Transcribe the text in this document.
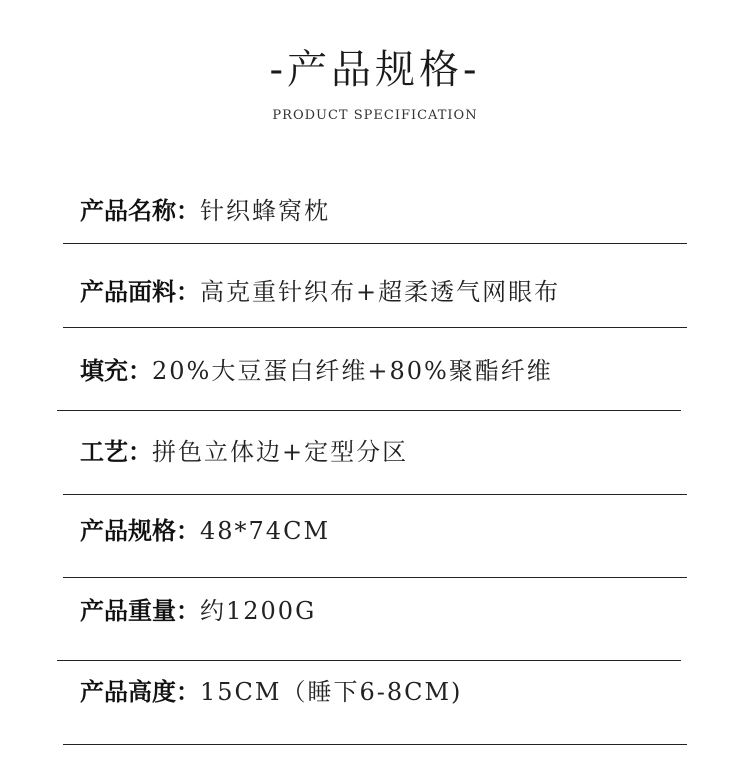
-产品规格-
PRODUCT SPECIFICATION
产品名称：针织蜂窝枕
产品面料：高克重针织布+超柔透气网眼布
填充：20%大豆蛋白纤维+80%聚酯纤维
工艺：拼色立体边+定型分区
产品规格：48*74CM
产品重量：约1200G
产品高度：15CM（睡下6-8CM)
